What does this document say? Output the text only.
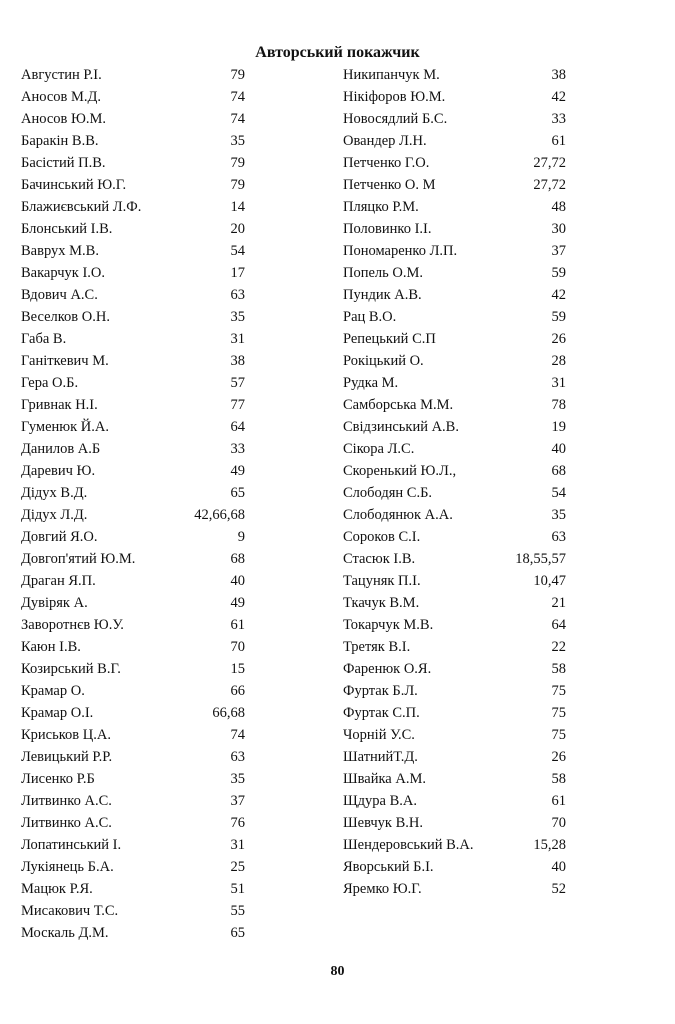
Авторський покажчик
Августин Р.І.	79
Аносов М.Д.	74
Аносов Ю.М.	74
Баракін В.В.	35
Басістий П.В.	79
Бачинський Ю.Г.	79
Блажиєвський Л.Ф.	14
Блонський І.В.	20
Ваврух М.В.	54
Вакарчук І.О.	17
Вдович А.С.	63
Веселков О.Н.	35
Габа В.	31
Ганіткевич М.	38
Гера О.Б.	57
Гривнак Н.І.	77
Гуменюк Й.А.	64
Данилов А.Б	33
Даревич Ю.	49
Дідух В.Д.	65
Дідух Л.Д.	42,66,68
Довгий Я.О.	9
Довгоп'ятий Ю.М.	68
Драган Я.П.	40
Дувіряк А.	49
Заворотнєв Ю.У.	61
Каюн І.В.	70
Козирський В.Г.	15
Крамар О.	66
Крамар О.І.	66,68
Криськов Ц.А.	74
Левицький Р.Р.	63
Лисенко Р.Б	35
Литвинко А.С.	37
Литвинко А.С.	76
Лопатинський І.	31
Лукіянець Б.А.	25
Мацюк Р.Я.	51
Мисакович Т.С.	55
Москаль Д.М.	65
Никипанчук М.	38
Нікіфоров Ю.М.	42
Новосядлий Б.С.	33
Овандер Л.Н.	61
Петченко Г.О.	27,72
Петченко О. М	27,72
Пляцко Р.М.	48
Половинко І.І.	30
Пономаренко Л.П.	37
Попель О.М.	59
Пундик А.В.	42
Рац В.О.	59
Репецький С.П	26
Рокіцький О.	28
Рудка М.	31
Самборська М.М.	78
Свідзинський А.В.	19
Сікора Л.С.	40
Скоренький Ю.Л.,	68
Слободян С.Б.	54
Слободянюк А.А.	35
Сороков С.І.	63
Стасюк І.В.	18,55,57
Тацуняк П.І.	10,47
Ткачук В.М.	21
Токарчук М.В.	64
Третяк В.І.	22
Фаренюк О.Я.	58
Фуртак Б.Л.	75
Фуртак С.П.	75
Чорній У.С.	75
ШатнийТ.Д.	26
Швайка А.М.	58
Щдура В.А.	61
Шевчук В.Н.	70
Шендеровський В.А.	15,28
Яворський Б.І.	40
Яремко Ю.Г.	52
80
